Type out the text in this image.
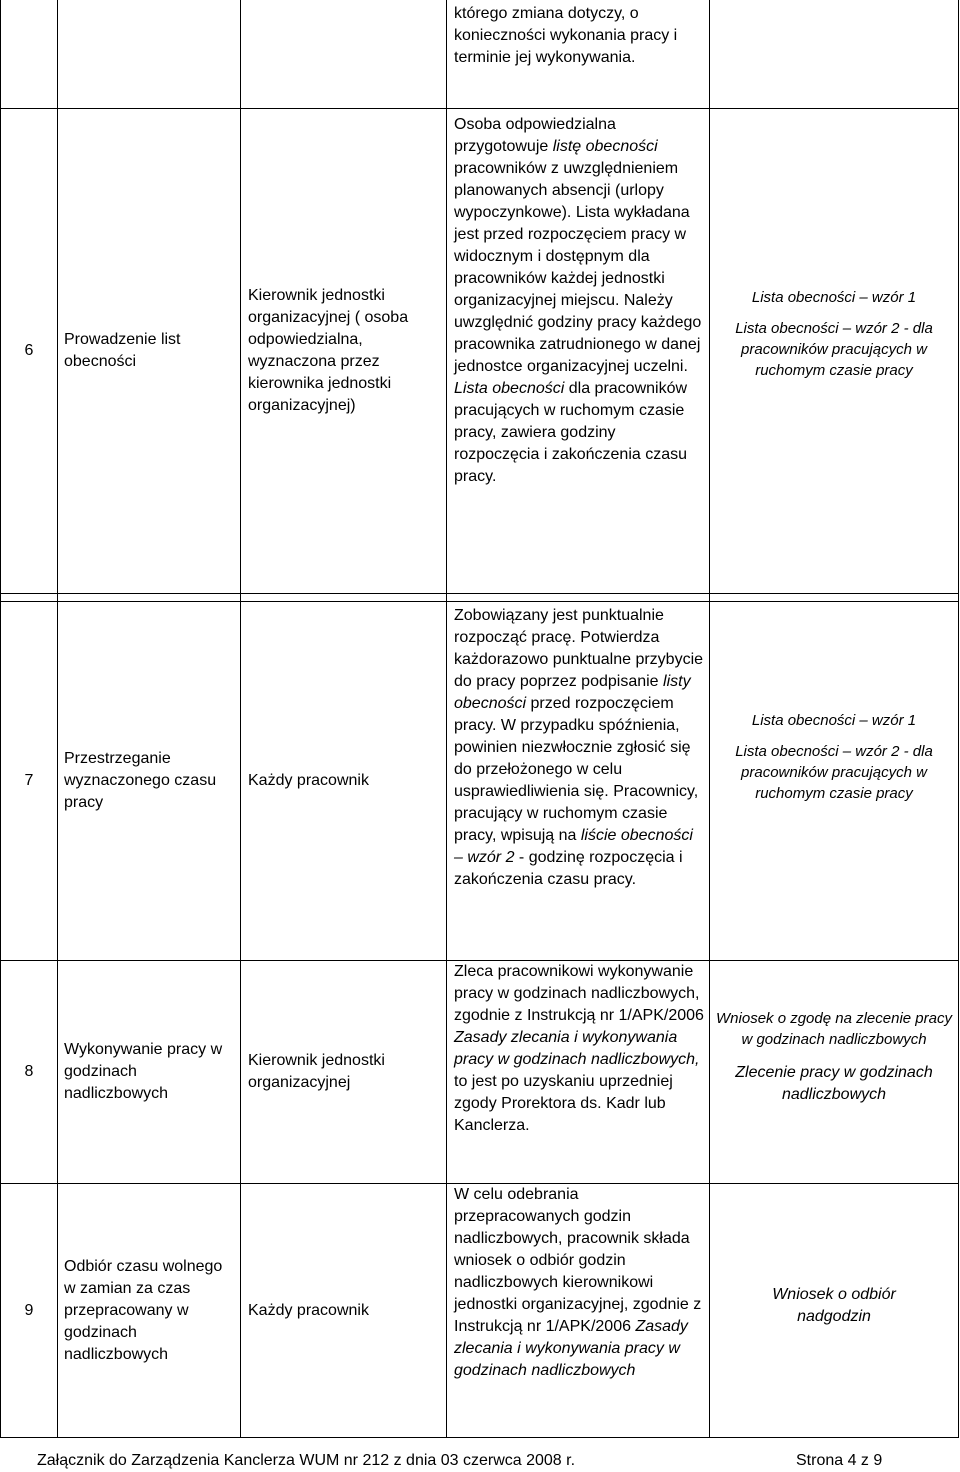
którego zmiana dotyczy, o konieczności wykonania pracy i terminie jej wykonywania.
6
Prowadzenie list obecności
Kierownik jednostki organizacyjnej ( osoba odpowiedzialna, wyznaczona przez kierownika jednostki organizacyjnej)
Osoba odpowiedzialna przygotowuje listę obecności pracowników z uwzględnieniem planowanych absencji (urlopy wypoczynkowe). Lista wykładana jest przed rozpoczęciem pracy w widocznym i dostępnym dla pracowników każdej jednostki organizacyjnej miejscu. Należy uwzględnić godziny pracy każdego pracownika zatrudnionego w danej jednostce organizacyjnej uczelni. Lista obecności dla pracowników pracujących w ruchomym czasie pracy, zawiera godziny rozpoczęcia i zakończenia czasu pracy.
Lista obecności – wzór 1
Lista obecności – wzór 2 - dla pracowników pracujących w ruchomym czasie pracy
7
Przestrzeganie wyznaczonego czasu pracy
Każdy pracownik
Zobowiązany jest punktualnie rozpocząć pracę. Potwierdza każdorazowo punktualne przybycie do pracy poprzez podpisanie listy obecności przed rozpoczęciem pracy. W przypadku spóźnienia, powinien niezwłocznie zgłosić się do przełożonego w celu usprawiedliwienia się. Pracownicy, pracujący w ruchomym czasie pracy, wpisują na liście obecności – wzór 2 - godzinę rozpoczęcia i zakończenia czasu pracy.
Lista obecności – wzór 1
Lista obecności – wzór 2 - dla pracowników pracujących w ruchomym czasie pracy
8
Wykonywanie pracy w godzinach nadliczbowych
Kierownik jednostki organizacyjnej
Zleca pracownikowi wykonywanie pracy w godzinach nadliczbowych, zgodnie z Instrukcją nr 1/APK/2006 Zasady zlecania i wykonywania pracy w godzinach nadliczbowych, to jest po uzyskaniu uprzedniej zgody Prorektora ds. Kadr lub Kanclerza.
Wniosek o zgodę na zlecenie pracy w godzinach nadliczbowych
Zlecenie pracy w godzinach nadliczbowych
9
Odbiór czasu wolnego w zamian za czas przepracowany w godzinach nadliczbowych
Każdy pracownik
W celu odebrania przepracowanych godzin nadliczbowych, pracownik składa wniosek o odbiór godzin nadliczbowych kierownikowi jednostki organizacyjnej, zgodnie z Instrukcją nr 1/APK/2006 Zasady zlecania i wykonywania pracy w godzinach nadliczbowych
Wniosek o odbiór nadgodzin
Załącznik do Zarządzenia Kanclerza WUM nr 212 z dnia 03 czerwca 2008 r.	Strona 4 z 9
